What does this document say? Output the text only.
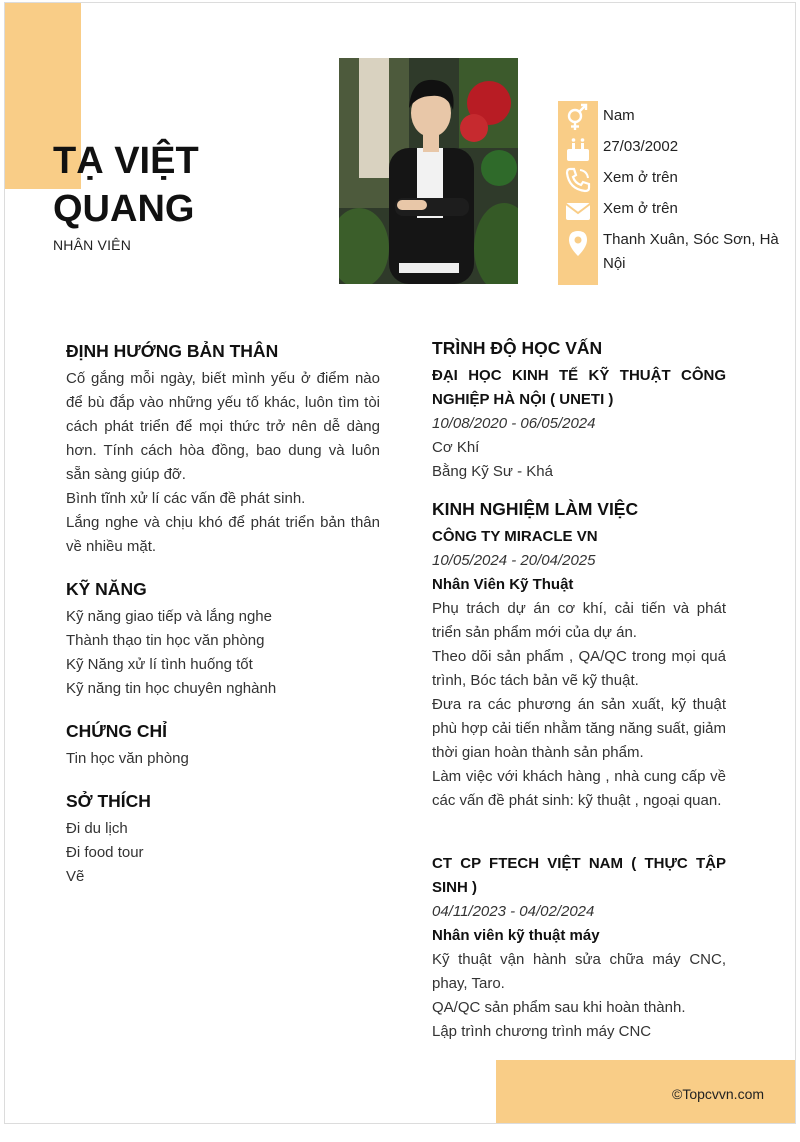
TẠ VIỆT
QUANG
NHÂN VIÊN
Nam
27/03/2002
Xem ở trên
Xem ở trên
Thanh Xuân, Sóc Sơn, Hà Nội
ĐỊNH HƯỚNG BẢN THÂN
Cố gắng mỗi ngày, biết mình yếu ở điểm nào để bù đắp vào những yếu tố khác, luôn tìm tòi cách phát triển để mọi thức trở nên dễ dàng hơn. Tính cách hòa đồng, bao dung và luôn sẵn sàng giúp đỡ.
Bình tĩnh xử lí các vấn đề phát sinh.
Lắng nghe và chịu khó để phát triển bản thân về nhiều mặt.
KỸ NĂNG
Kỹ năng giao tiếp và lắng nghe
Thành thạo tin học văn phòng
Kỹ Năng xử lí tình huống tốt
Kỹ năng tin học chuyên nghành
CHỨNG CHỈ
Tin học văn phòng
SỞ THÍCH
Đi du lịch
Đi food tour
Vẽ
TRÌNH ĐỘ HỌC VẤN
ĐẠI HỌC KINH TẾ KỸ THUẬT CÔNG NGHIỆP HÀ NỘI ( UNETI )
10/08/2020 - 06/05/2024
Cơ Khí
Bằng Kỹ Sư - Khá
KINH NGHIỆM LÀM VIỆC
CÔNG TY MIRACLE VN
10/05/2024 - 20/04/2025
Nhân Viên Kỹ Thuật
Phụ trách dự án cơ khí, cải tiến và phát triển sản phẩm mới của dự án.
Theo dõi sản phẩm , QA/QC trong mọi quá trình, Bóc tách bản vẽ kỹ thuật.
Đưa ra các phương án sản xuất, kỹ thuật phù hợp cải tiến nhằm tăng năng suất, giảm thời gian hoàn thành sản phẩm.
Làm việc với khách hàng , nhà cung cấp về các vấn đề phát sinh: kỹ thuật , ngoại quan.
CT CP FTECH VIỆT NAM ( THỰC TẬP SINH )
04/11/2023 - 04/02/2024
Nhân viên kỹ thuật máy
Kỹ thuật vận hành sửa chữa máy CNC, phay, Taro.
QA/QC sản phẩm sau khi hoàn thành.
Lập trình chương trình máy CNC
©Topcvvn.com
